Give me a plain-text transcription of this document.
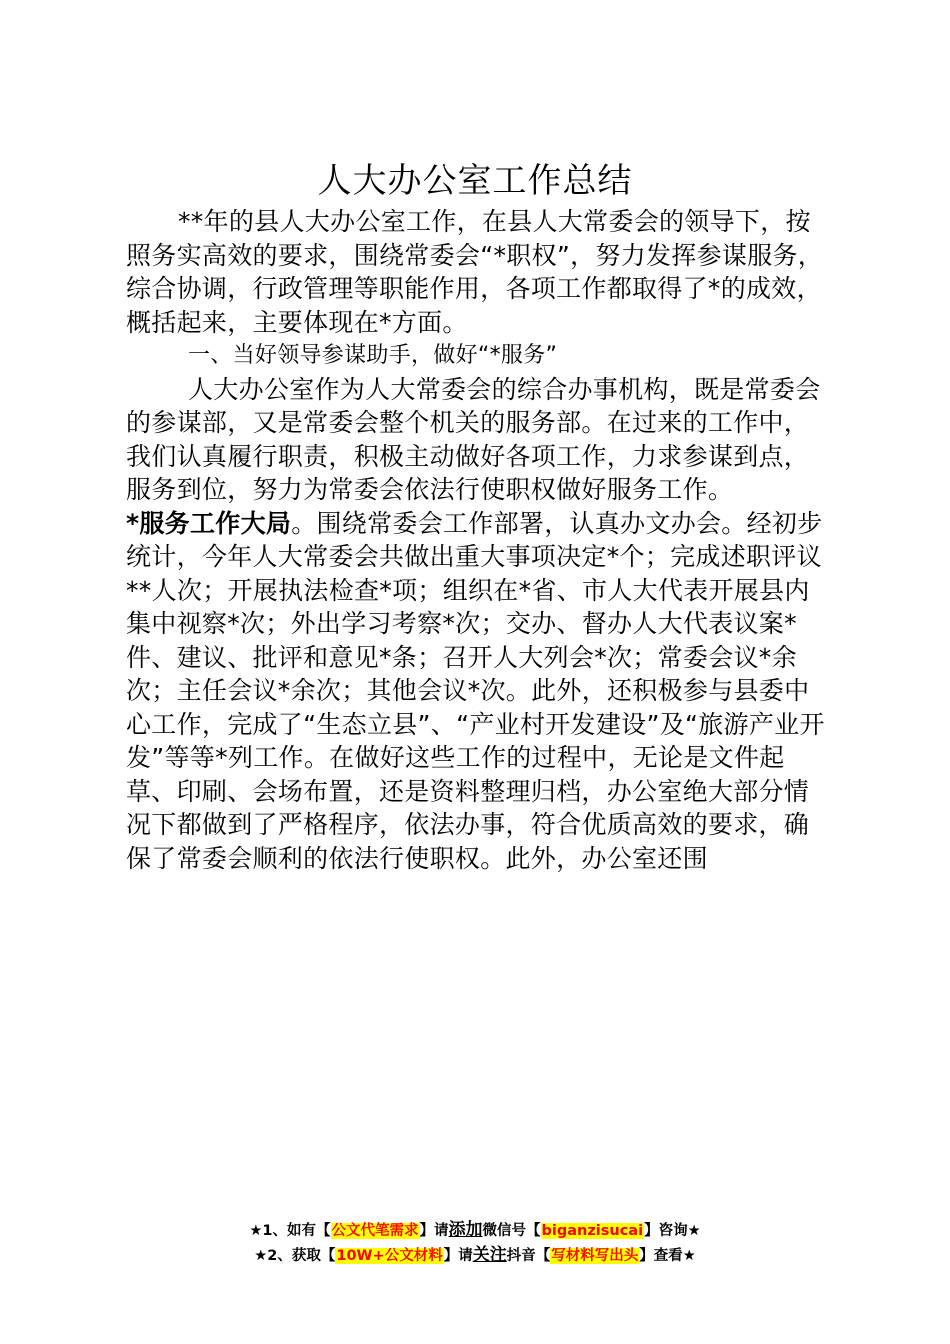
人大办公室工作总结

**年的县人大办公室工作，在县人大常委会的领导下，按照务实高效的要求，围绕常委会“*职权”，努力发挥参谋服务，综合协调，行政管理等职能作用，各项工作都取得了*的成效，概括起来，主要体现在*方面。

一、当好领导参谋助手，做好“*服务”

人大办公室作为人大常委会的综合办事机构，既是常委会的参谋部，又是常委会整个机关的服务部。在过来的工作中，我们认真履行职责，积极主动做好各项工作，力求参谋到点，服务到位，努力为常委会依法行使职权做好服务工作。

*服务工作大局。围绕常委会工作部署，认真办文办会。经初步统计，今年人大常委会共做出重大事项决定*个；完成述职评议**人次；开展执法检查*项；组织在*省、市人大代表开展县内集中视察*次；外出学习考察*次；交办、督办人大代表议案*件、建议、批评和意见*条；召开人大列会*次；常委会议*余次；主任会议*余次；其他会议*次。此外，还积极参与县委中心工作，完成了“生态立县”、“产业村开发建设”及“旅游产业开发”等等*列工作。在做好这些工作的过程中，无论是文件起草、印刷、会场布置，还是资料整理归档，办公室绝大部分情况下都做到了严格程序，依法办事，符合优质高效的要求，确保了常委会顺利的依法行使职权。此外，办公室还围

★1、如有【公文代笔需求】请添加微信号【biganzisucai】咨询★
★2、获取【10W+公文材料】请关注抖音【写材料写出头】查看★
